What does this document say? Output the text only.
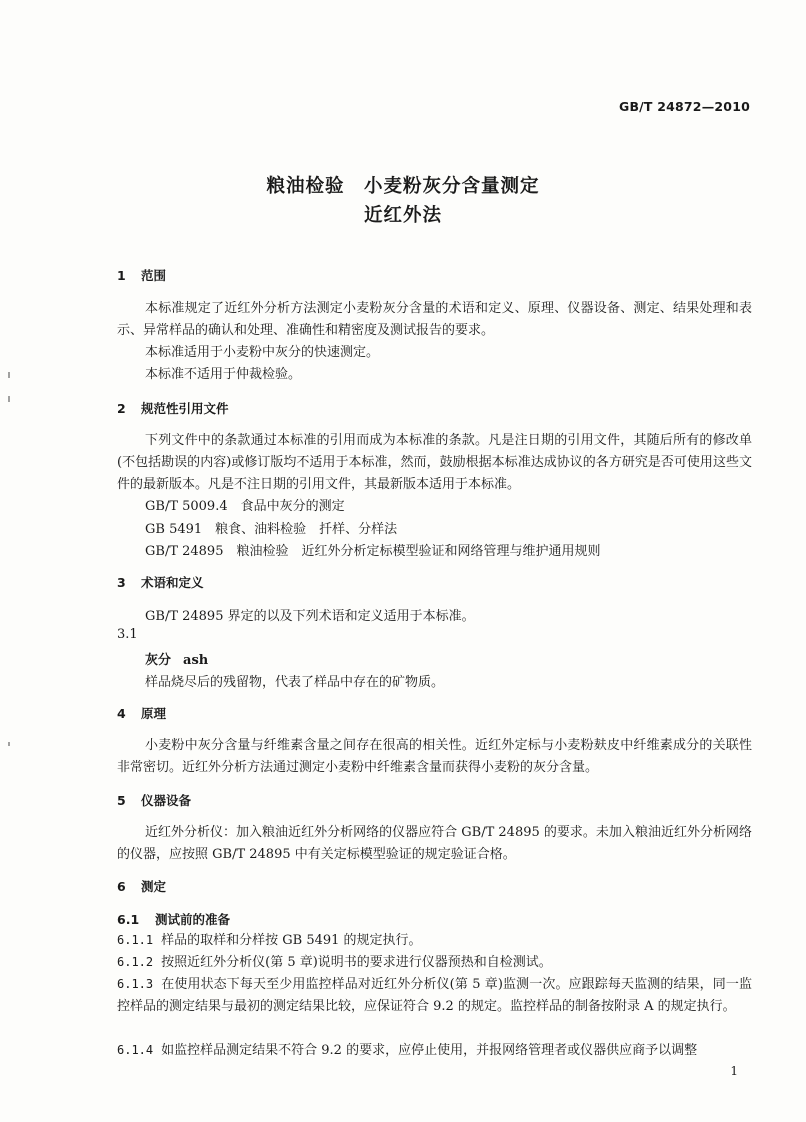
GB/T 24872—2010
粮油检验　小麦粉灰分含量测定
近红外法
1 范围
本标准规定了近红外分析方法测定小麦粉灰分含量的术语和定义、原理、仪器设备、测定、结果处理和表示、异常样品的确认和处理、准确性和精密度及测试报告的要求。
本标准适用于小麦粉中灰分的快速测定。
本标准不适用于仲裁检验。
2 规范性引用文件
下列文件中的条款通过本标准的引用而成为本标准的条款。凡是注日期的引用文件，其随后所有的修改单(不包括勘误的内容)或修订版均不适用于本标准，然而，鼓励根据本标准达成协议的各方研究是否可使用这些文件的最新版本。凡是不注日期的引用文件，其最新版本适用于本标准。
GB/T 5009.4　食品中灰分的测定
GB 5491　粮食、油料检验　扦样、分样法
GB/T 24895　粮油检验　近红外分析定标模型验证和网络管理与维护通用规则
3 术语和定义
GB/T 24895 界定的以及下列术语和定义适用于本标准。
3.1
灰分 ash
样品烧尽后的残留物，代表了样品中存在的矿物质。
4 原理
小麦粉中灰分含量与纤维素含量之间存在很高的相关性。近红外定标与小麦粉麸皮中纤维素成分的关联性非常密切。近红外分析方法通过测定小麦粉中纤维素含量而获得小麦粉的灰分含量。
5 仪器设备
近红外分析仪：加入粮油近红外分析网络的仪器应符合 GB/T 24895 的要求。未加入粮油近红外分析网络的仪器，应按照 GB/T 24895 中有关定标模型验证的规定验证合格。
6 测定
6.1 测试前的准备
6.1.1 样品的取样和分样按 GB 5491 的规定执行。
6.1.2 按照近红外分析仪(第 5 章)说明书的要求进行仪器预热和自检测试。
6.1.3 在使用状态下每天至少用监控样品对近红外分析仪(第 5 章)监测一次。应跟踪每天监测的结果，同一监控样品的测定结果与最初的测定结果比较，应保证符合 9.2 的规定。监控样品的制备按附录 A 的规定执行。
6.1.4 如监控样品测定结果不符合 9.2 的要求，应停止使用，并报网络管理者或仪器供应商予以调整
1
